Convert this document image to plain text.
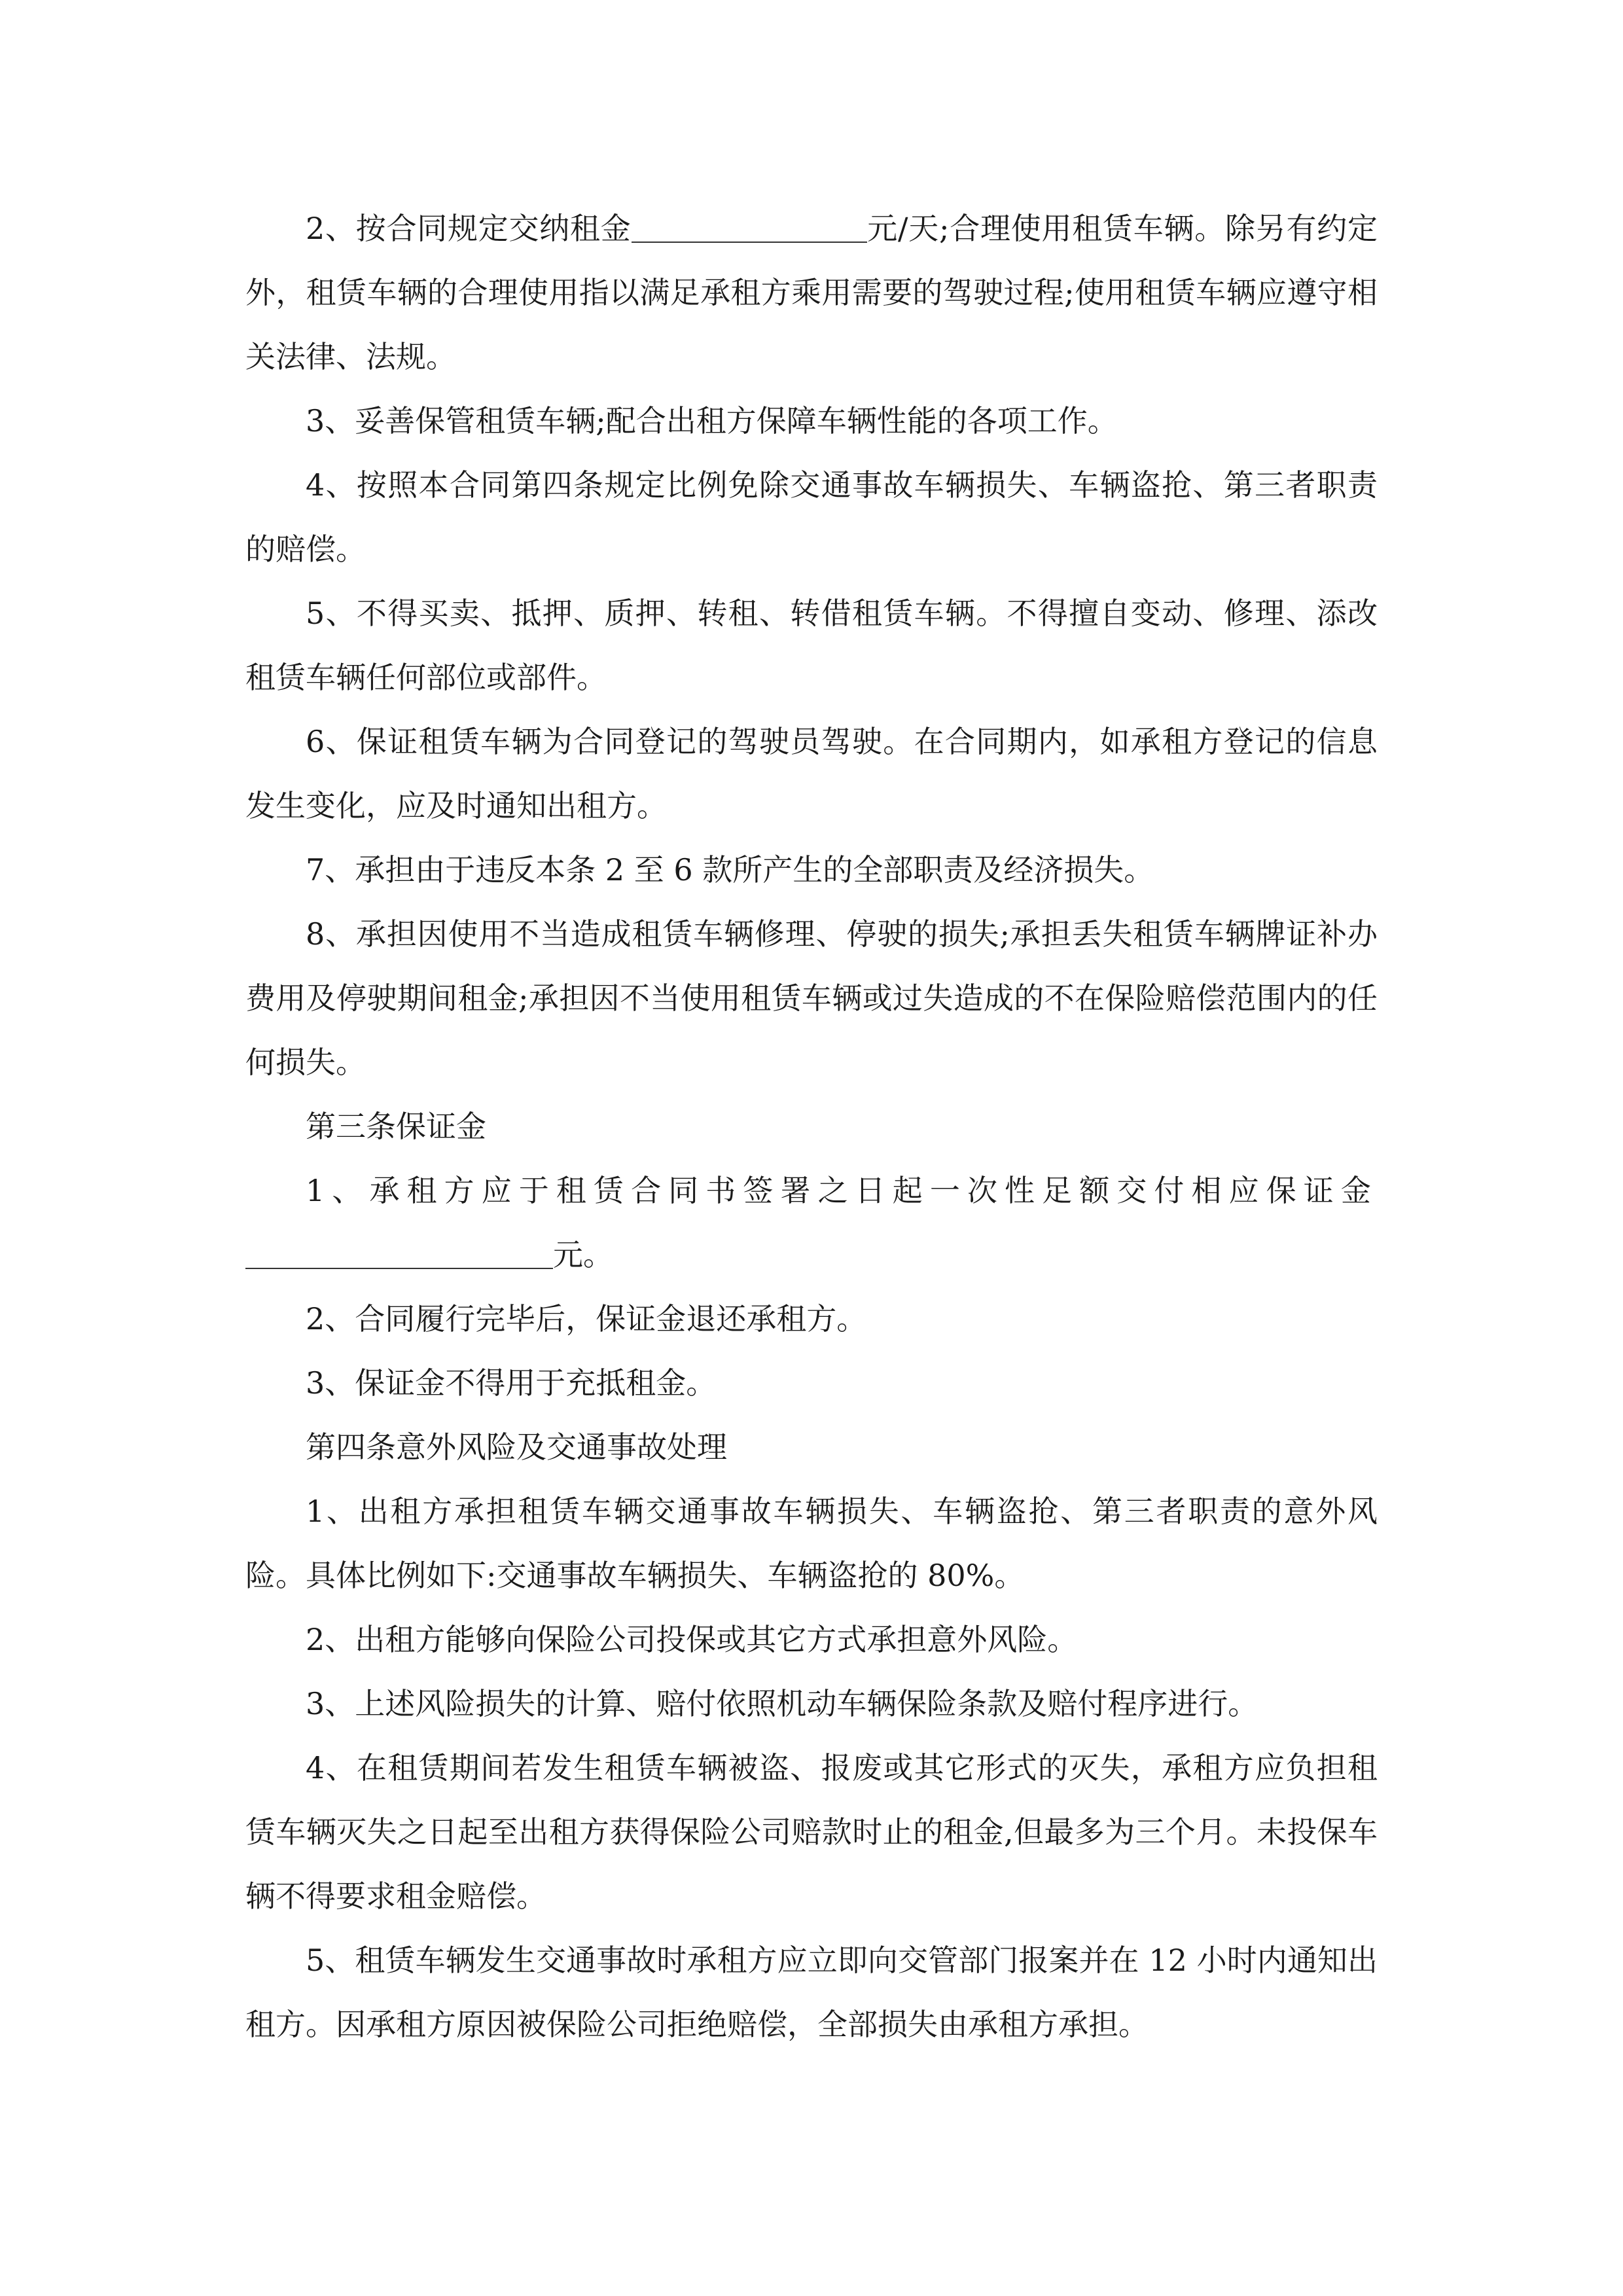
2、按合同规定交纳租金	元/天;合理使用租赁车辆。除另有约定外，租赁车辆的合理使用指以满足承租方乘用需要的驾驶过程;使用租赁车辆应遵守相关法律、法规。

3、妥善保管租赁车辆;配合出租方保障车辆性能的各项工作。

4、按照本合同第四条规定比例免除交通事故车辆损失、车辆盗抢、第三者职责的赔偿。

5、不得买卖、抵押、质押、转租、转借租赁车辆。不得擅自变动、修理、添改租赁车辆任何部位或部件。

6、保证租赁车辆为合同登记的驾驶员驾驶。在合同期内，如承租方登记的信息发生变化，应及时通知出租方。

7、承担由于违反本条 2 至 6 款所产生的全部职责及经济损失。

8、承担因使用不当造成租赁车辆修理、停驶的损失;承担丢失租赁车辆牌证补办费用及停驶期间租金;承担因不当使用租赁车辆或过失造成的不在保险赔偿范围内的任何损失。

第三条保证金

1、承租方应于租赁合同书签署之日起一次性足额交付相应保证金元。

2、合同履行完毕后，保证金退还承租方。

3、保证金不得用于充抵租金。

第四条意外风险及交通事故处理

1、出租方承担租赁车辆交通事故车辆损失、车辆盗抢、第三者职责的意外风险。具体比例如下:交通事故车辆损失、车辆盗抢的 80%。

2、出租方能够向保险公司投保或其它方式承担意外风险。

3、上述风险损失的计算、赔付依照机动车辆保险条款及赔付程序进行。

4、在租赁期间若发生租赁车辆被盗、报废或其它形式的灭失，承租方应负担租赁车辆灭失之日起至出租方获得保险公司赔款时止的租金,但最多为三个月。未投保车辆不得要求租金赔偿。

5、租赁车辆发生交通事故时承租方应立即向交管部门报案并在 12 小时内通知出租方。因承租方原因被保险公司拒绝赔偿，全部损失由承租方承担。
